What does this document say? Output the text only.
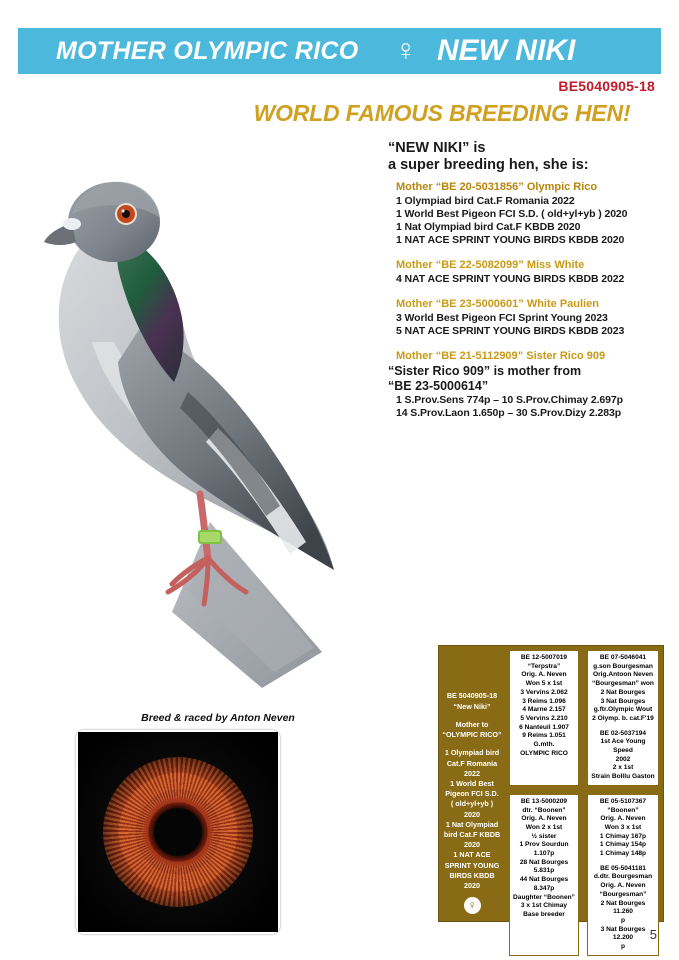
MOTHER OLYMPIC RICO ♀ NEW NIKI
BE5040905-18
WORLD FAMOUS BREEDING HEN!
“NEW NIKI” is
a super breeding hen, she is:
Mother “BE 20-5031856” Olympic Rico
1 Olympiad bird Cat.F Romania 2022
1 World Best Pigeon FCI S.D. ( old+yl+yb ) 2020
1 Nat Olympiad bird Cat.F KBDB 2020
1 NAT ACE SPRINT YOUNG BIRDS KBDB 2020
Mother “BE 22-5082099” Miss White
4 NAT ACE SPRINT YOUNG BIRDS KBDB 2022
Mother “BE 23-5000601” White Paulien
3 World Best Pigeon FCI Sprint Young 2023
5 NAT ACE SPRINT YOUNG BIRDS KBDB 2023
Mother “BE 21-5112909” Sister Rico 909
“Sister Rico 909” is mother from
“BE 23-5000614”
1 S.Prov.Sens 774p – 10 S.Prov.Chimay 2.697p
14 S.Prov.Laon 1.650p – 30 S.Prov.Dizy 2.283p
Breed & raced by Anton Neven
BE 5040905-18
“New Niki”
Mother to
“OLYMPIC RICO”
1 Olympiad bird
Cat.F Romania
2022
1 World Best
Pigeon FCI S.D.
( old+yl+yb )
2020
1 Nat Olympiad
bird Cat.F KBDB
2020
1 NAT ACE
SPRINT YOUNG
BIRDS KBDB 2020
♀
BE 12-5007019
“Terpstra”
Orig. A. Neven
Won 5 x 1st
3 Vervins 2.062
3 Reims 1.096
4 Marne 2.157
5 Vervins 2.210
6 Nanteuil 1.907
9 Reims 1.051
G.mth.
OLYMPIC RICO
BE 07-5046041
g.son Bourgesman
Orig.Antoon Neven
“Bourgesman” won
2 Nat Bourges
3 Nat Bourges
g.ftr.Olympic Wout
2 Olymp. b. cat.F'19
BE 02-5037194
1st Ace Young Speed
2002
2 x 1st
Strain Bolllu Gaston
BE 13-5000209
dtr. “Boonen”
Orig. A. Neven
Won 2 x 1st
½ sister
1 Prov Sourdun
1.107p
28 Nat Bourges
5.831p
44 Nat Bourges
8.347p
Daughter “Boonen”
3 x 1st Chimay
Base breeder
BE 05-5107367
“Boonen”
Orig. A. Neven
Won 3 x 1st
1 Chimay 167p
1 Chimay 154p
1 Chimay 148p
BE 05-5041181
d.dtr. Bourgesman
Orig. A. Neven
“Bourgesman”
2 Nat Bourges 11.260
p
3 Nat Bourges 12.200
p
5
